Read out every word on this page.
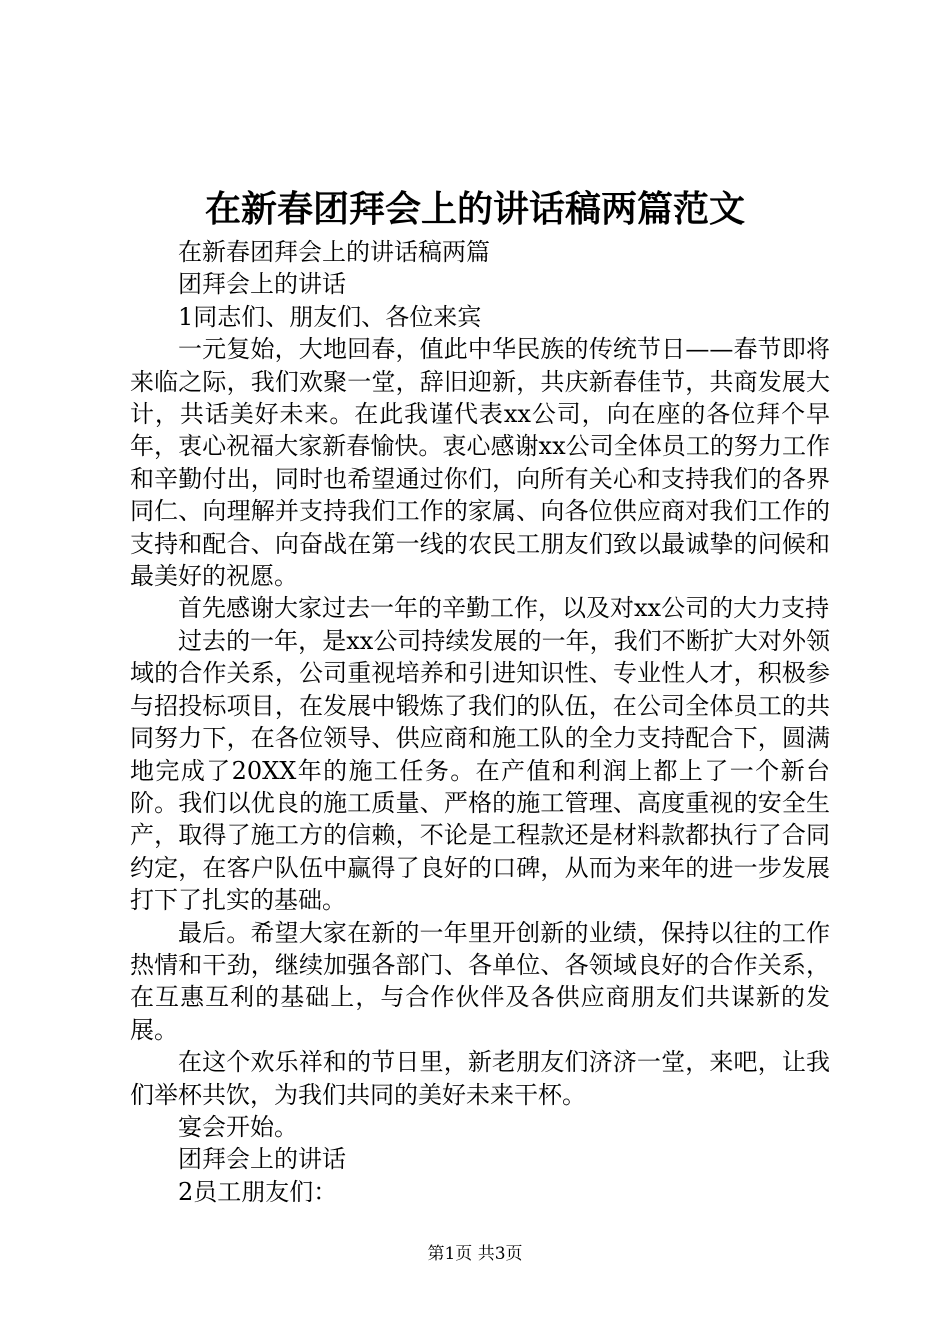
在新春团拜会上的讲话稿两篇范文

在新春团拜会上的讲话稿两篇

团拜会上的讲话

1同志们、朋友们、各位来宾

一元复始，大地回春，值此中华民族的传统节日——春节即将来临之际，我们欢聚一堂，辞旧迎新，共庆新春佳节，共商发展大计，共话美好未来。在此我谨代表xx公司，向在座的各位拜个早年，衷心祝福大家新春愉快。衷心感谢xx公司全体员工的努力工作和辛勤付出，同时也希望通过你们，向所有关心和支持我们的各界同仁、向理解并支持我们工作的家属、向各位供应商对我们工作的支持和配合、向奋战在第一线的农民工朋友们致以最诚挚的问候和最美好的祝愿。

首先感谢大家过去一年的辛勤工作，以及对xx公司的大力支持

过去的一年，是xx公司持续发展的一年，我们不断扩大对外领域的合作关系，公司重视培养和引进知识性、专业性人才，积极参与招投标项目，在发展中锻炼了我们的队伍，在公司全体员工的共同努力下，在各位领导、供应商和施工队的全力支持配合下，圆满地完成了20XX年的施工任务。在产值和利润上都上了一个新台阶。我们以优良的施工质量、严格的施工管理、高度重视的安全生产，取得了施工方的信赖，不论是工程款还是材料款都执行了合同约定，在客户队伍中赢得了良好的口碑，从而为来年的进一步发展打下了扎实的基础。

最后。希望大家在新的一年里开创新的业绩，保持以往的工作热情和干劲，继续加强各部门、各单位、各领域良好的合作关系，在互惠互利的基础上，与合作伙伴及各供应商朋友们共谋新的发展。

在这个欢乐祥和的节日里，新老朋友们济济一堂，来吧，让我们举杯共饮，为我们共同的美好未来干杯。

宴会开始。

团拜会上的讲话

2员工朋友们：

第1页 共3页
